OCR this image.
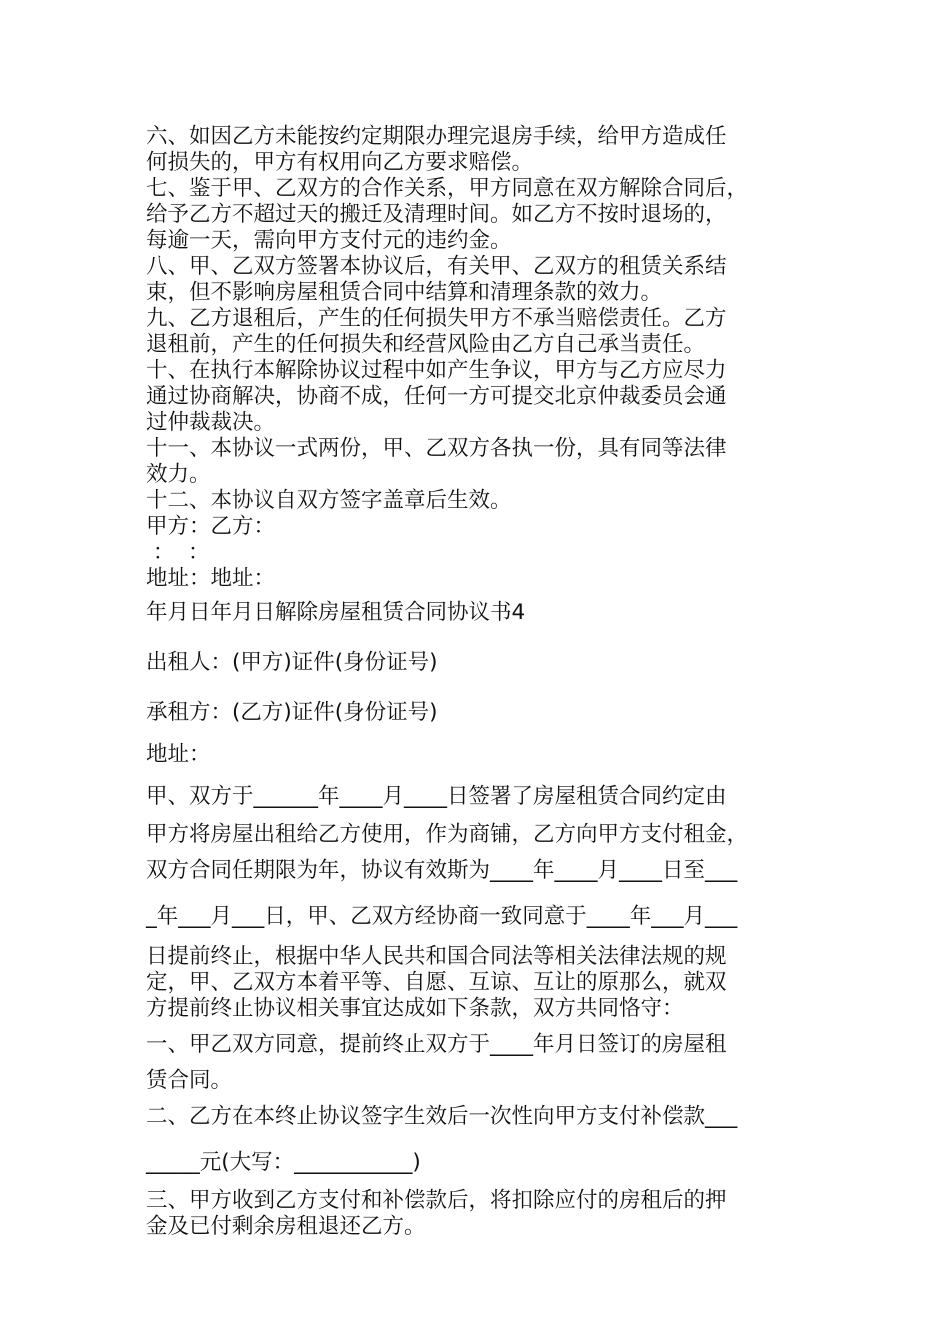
六、如因乙方未能按约定期限办理完退房手续，给甲方造成任

何损失的，甲方有权用向乙方要求赔偿。

七、鉴于甲、乙双方的合作关系，甲方同意在双方解除合同后，

给予乙方不超过天的搬迁及清理时间。如乙方不按时退场的，

每逾一天，需向甲方支付元的违约金。

八、甲、乙双方签署本协议后，有关甲、乙双方的租赁关系结

束，但不影响房屋租赁合同中结算和清理条款的效力。

九、乙方退租后，产生的任何损失甲方不承当赔偿责任。乙方

退租前，产生的任何损失和经营风险由乙方自己承当责任。

十、在执行本解除协议过程中如产生争议，甲方与乙方应尽力

通过协商解决，协商不成，任何一方可提交北京仲裁委员会通

过仲裁裁决。

十一、本协议一式两份，甲、乙双方各执一份，具有同等法律

效力。

十二、本协议自双方签字盖章后生效。

甲方：乙方：

：  ：

地址：地址：

年月日年月日解除房屋租赁合同协议书4

出租人：(甲方)证件(身份证号)

承租方：(乙方)证件(身份证号)

地址：

甲、双方于______年____月____日签署了房屋租赁合同约定由

甲方将房屋出租给乙方使用，作为商铺，乙方向甲方支付租金，

双方合同任期限为年，协议有效斯为____年____月____日至___

_年___月___日，甲、乙双方经协商一致同意于____年___月___

日提前终止，根据中华人民共和国合同法等相关法律法规的规

定，甲、乙双方本着平等、自愿、互谅、互让的原那么，就双

方提前终止协议相关事宜达成如下条款，双方共同恪守：

一、甲乙双方同意，提前终止双方于____年月日签订的房屋租

赁合同。

二、乙方在本终止协议签字生效后一次性向甲方支付补偿款___

_____元(大写：___________)

三、甲方收到乙方支付和补偿款后，将扣除应付的房租后的押

金及已付剩余房租退还乙方。
